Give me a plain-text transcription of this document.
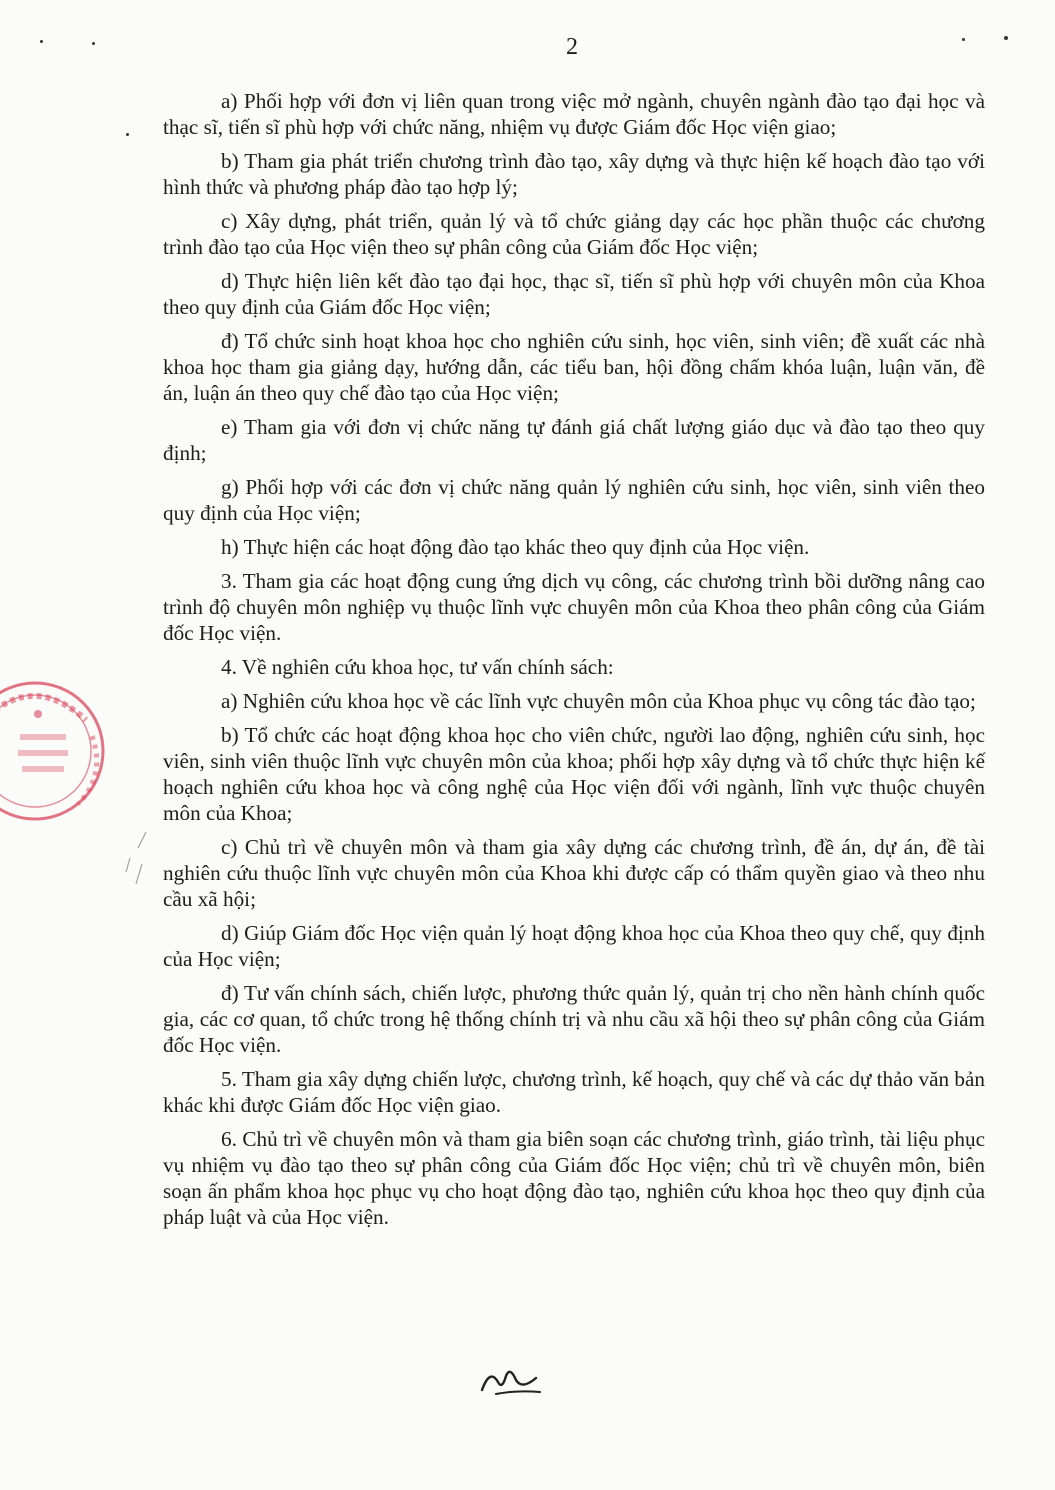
2

a) Phối hợp với đơn vị liên quan trong việc mở ngành, chuyên ngành đào tạo đại học và thạc sĩ, tiến sĩ phù hợp với chức năng, nhiệm vụ được Giám đốc Học viện giao;

b) Tham gia phát triển chương trình đào tạo, xây dựng và thực hiện kế hoạch đào tạo với hình thức và phương pháp đào tạo hợp lý;

c) Xây dựng, phát triển, quản lý và tổ chức giảng dạy các học phần thuộc các chương trình đào tạo của Học viện theo sự phân công của Giám đốc Học viện;

d) Thực hiện liên kết đào tạo đại học, thạc sĩ, tiến sĩ phù hợp với chuyên môn của Khoa theo quy định của Giám đốc Học viện;

đ) Tổ chức sinh hoạt khoa học cho nghiên cứu sinh, học viên, sinh viên; đề xuất các nhà khoa học tham gia giảng dạy, hướng dẫn, các tiểu ban, hội đồng chấm khóa luận, luận văn, đề án, luận án theo quy chế đào tạo của Học viện;

e) Tham gia với đơn vị chức năng tự đánh giá chất lượng giáo dục và đào tạo theo quy định;

g) Phối hợp với các đơn vị chức năng quản lý nghiên cứu sinh, học viên, sinh viên theo quy định của Học viện;

h) Thực hiện các hoạt động đào tạo khác theo quy định của Học viện.

3. Tham gia các hoạt động cung ứng dịch vụ công, các chương trình bồi dưỡng nâng cao trình độ chuyên môn nghiệp vụ thuộc lĩnh vực chuyên môn của Khoa theo phân công của Giám đốc Học viện.

4. Về nghiên cứu khoa học, tư vấn chính sách:

a) Nghiên cứu khoa học về các lĩnh vực chuyên môn của Khoa phục vụ công tác đào tạo;

b) Tổ chức các hoạt động khoa học cho viên chức, người lao động, nghiên cứu sinh, học viên, sinh viên thuộc lĩnh vực chuyên môn của khoa; phối hợp xây dựng và tổ chức thực hiện kế hoạch nghiên cứu khoa học và công nghệ của Học viện đối với ngành, lĩnh vực thuộc chuyên môn của Khoa;

c) Chủ trì về chuyên môn và tham gia xây dựng các chương trình, đề án, dự án, đề tài nghiên cứu thuộc lĩnh vực chuyên môn của Khoa khi được cấp có thẩm quyền giao và theo nhu cầu xã hội;

d) Giúp Giám đốc Học viện quản lý hoạt động khoa học của Khoa theo quy chế, quy định của Học viện;

đ) Tư vấn chính sách, chiến lược, phương thức quản lý, quản trị cho nền hành chính quốc gia, các cơ quan, tổ chức trong hệ thống chính trị và nhu cầu xã hội theo sự phân công của Giám đốc Học viện.

5. Tham gia xây dựng chiến lược, chương trình, kế hoạch, quy chế và các dự thảo văn bản khác khi được Giám đốc Học viện giao.

6. Chủ trì về chuyên môn và tham gia biên soạn các chương trình, giáo trình, tài liệu phục vụ nhiệm vụ đào tạo theo sự phân công của Giám đốc Học viện; chủ trì về chuyên môn, biên soạn ấn phẩm khoa học phục vụ cho hoạt động đào tạo, nghiên cứu khoa học theo quy định của pháp luật và của Học viện.
